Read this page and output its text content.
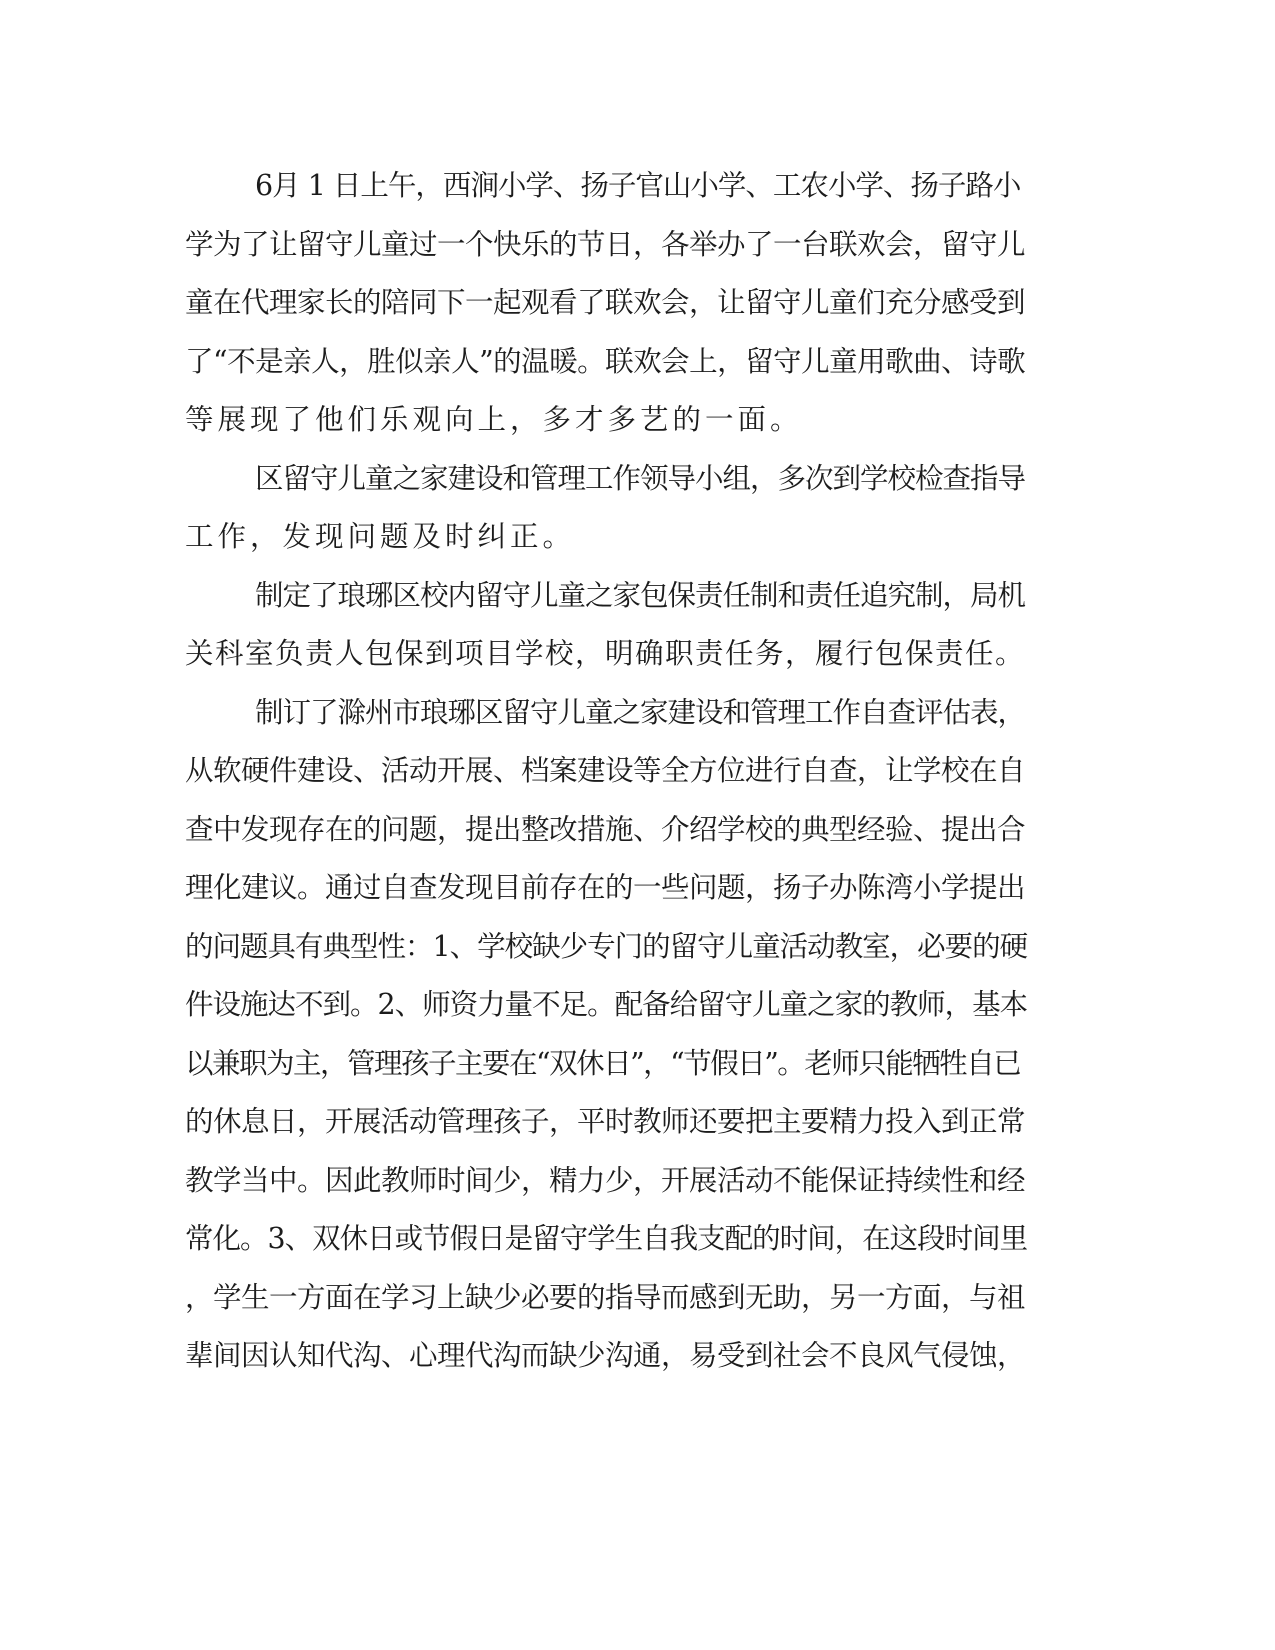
6月 1 日上午，西涧小学、扬子官山小学、工农小学、扬子路小
学为了让留守儿童过一个快乐的节日，各举办了一台联欢会，留守儿
童在代理家长的陪同下一起观看了联欢会，让留守儿童们充分感受到
了“不是亲人，胜似亲人”的温暖。联欢会上，留守儿童用歌曲、诗歌
等展现了他们乐观向上，多才多艺的一面。
区留守儿童之家建设和管理工作领导小组，多次到学校检查指导
工作，发现问题及时纠正。
制定了琅琊区校内留守儿童之家包保责任制和责任追究制，局机
关科室负责人包保到项目学校，明确职责任务，履行包保责任。
制订了滁州市琅琊区留守儿童之家建设和管理工作自查评估表，
从软硬件建设、活动开展、档案建设等全方位进行自查，让学校在自
查中发现存在的问题，提出整改措施、介绍学校的典型经验、提出合
理化建议。通过自查发现目前存在的一些问题，扬子办陈湾小学提出
的问题具有典型性：1、学校缺少专门的留守儿童活动教室，必要的硬
件设施达不到。2、师资力量不足。配备给留守儿童之家的教师，基本
以兼职为主，管理孩子主要在“双休日”，“节假日”。老师只能牺牲自已
的休息日，开展活动管理孩子，平时教师还要把主要精力投入到正常
教学当中。因此教师时间少，精力少，开展活动不能保证持续性和经
常化。3、双休日或节假日是留守学生自我支配的时间，在这段时间里
，学生一方面在学习上缺少必要的指导而感到无助，另一方面，与祖
辈间因认知代沟、心理代沟而缺少沟通，易受到社会不良风气侵蚀，
